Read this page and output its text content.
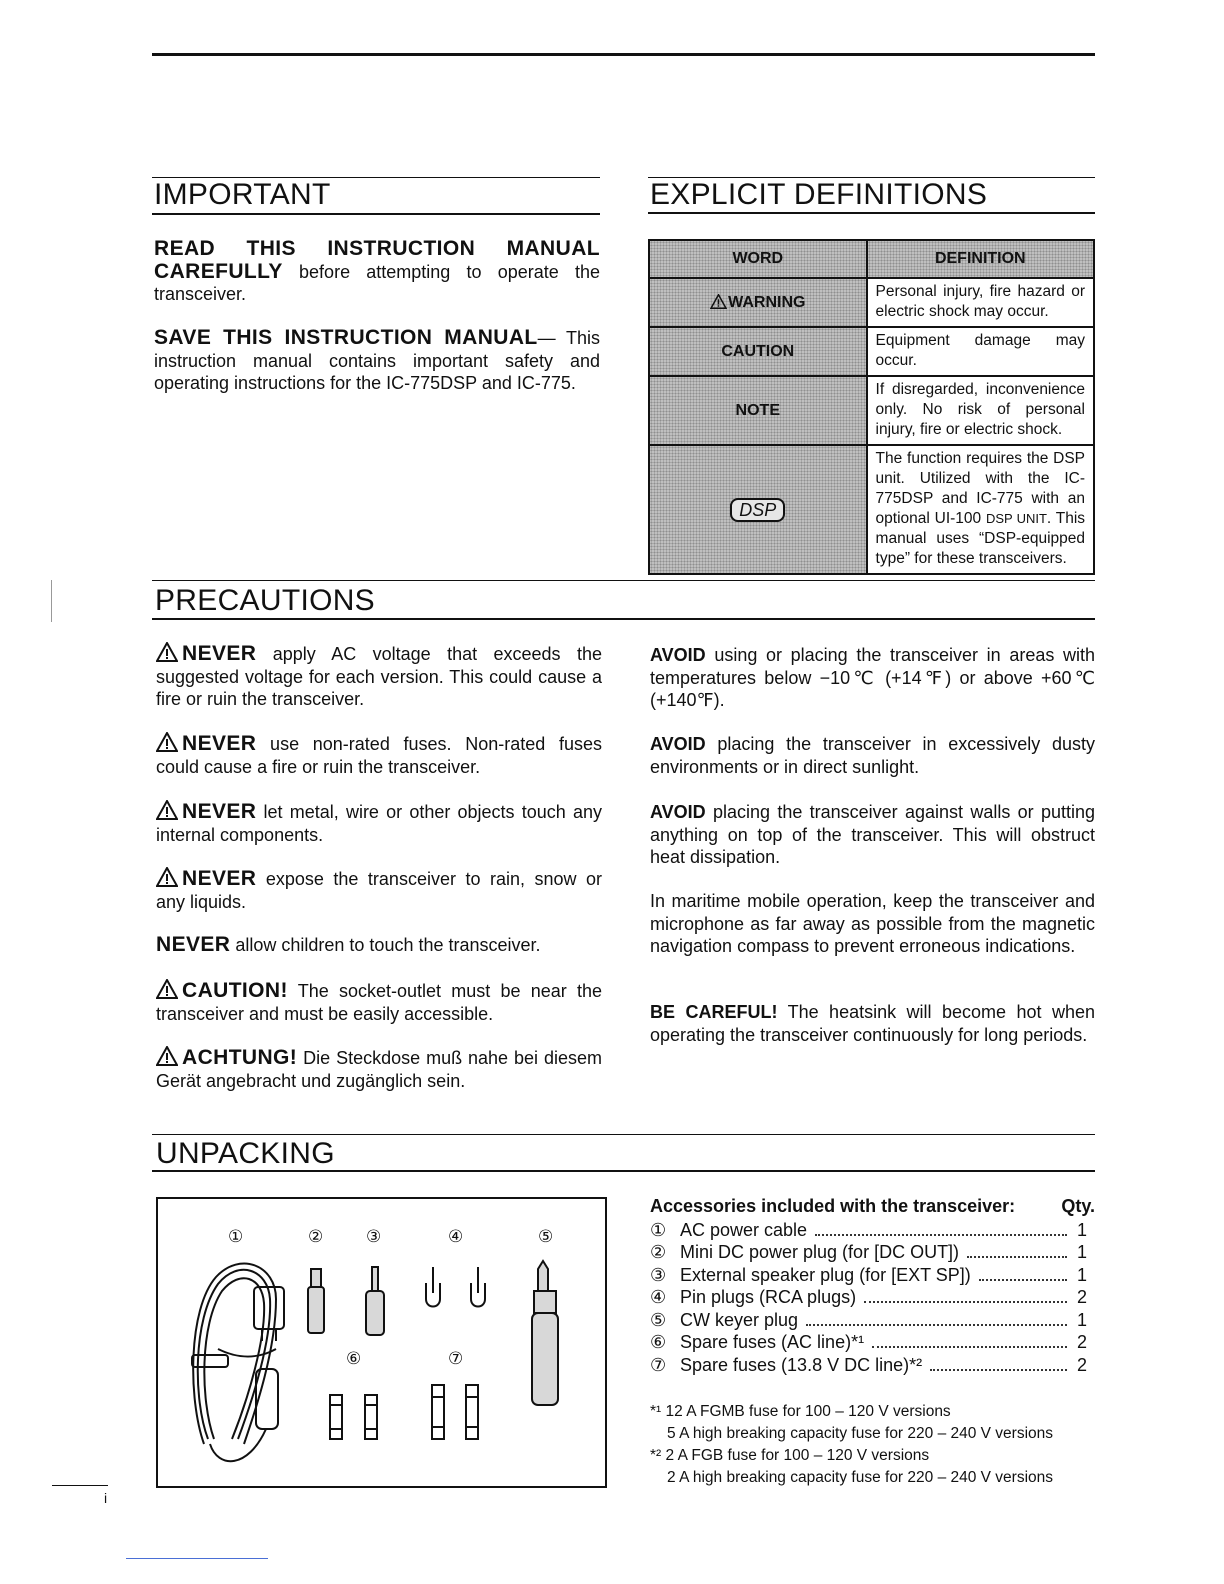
IMPORTANT
READ THIS INSTRUCTION MANUAL CAREFULLY before attempting to operate the transceiver.
SAVE THIS INSTRUCTION MANUAL— This instruction manual contains important safety and operating instructions for the IC-775DSP and IC-775.
EXPLICIT DEFINITIONS
WORD	DEFINITION
WARNING	Personal injury, fire hazard or electric shock may occur.
CAUTION	Equipment damage may occur.
NOTE	If disregarded, inconvenience only. No risk of personal injury, fire or electric shock.
DSP	The function requires the DSP unit. Utilized with the IC-775DSP and IC-775 with an optional UI-100 DSP UNIT. This manual uses “DSP-equipped type” for these transceivers.
PRECAUTIONS
NEVER apply AC voltage that exceeds the suggested voltage for each version. This could cause a fire or ruin the transceiver.
NEVER use non-rated fuses. Non-rated fuses could cause a fire or ruin the transceiver.
NEVER let metal, wire or other objects touch any internal components.
NEVER expose the transceiver to rain, snow or any liquids.
NEVER allow children to touch the transceiver.
CAUTION! The socket-outlet must be near the transceiver and must be easily accessible.
ACHTUNG! Die Steckdose muß nahe bei diesem Gerät angebracht und zugänglich sein.
AVOID using or placing the transceiver in areas with temperatures below −10℃ (+14℉) or above +60℃ (+140℉).
AVOID placing the transceiver in excessively dusty environments or in direct sunlight.
AVOID placing the transceiver against walls or putting anything on top of the transceiver. This will obstruct heat dissipation.
In maritime mobile operation, keep the transceiver and microphone as far away as possible from the magnetic navigation compass to prevent erroneous indications.
BE CAREFUL! The heatsink will become hot when operating the transceiver continuously for long periods.
UNPACKING
①	②	③	④	⑤
⑥	⑦
Accessories included with the transceiver:	Qty.
① AC power cable	1
② Mini DC power plug (for [DC OUT])	1
③ External speaker plug (for [EXT SP])	1
④ Pin plugs (RCA plugs)	2
⑤ CW keyer plug	1
⑥ Spare fuses (AC line)*¹	2
⑦ Spare fuses (13.8 V DC line)*²	2
*¹ 12 A FGMB fuse for 100 – 120 V versions
5 A high breaking capacity fuse for 220 – 240 V versions
*² 2 A FGB fuse for 100 – 120 V versions
2 A high breaking capacity fuse for 220 – 240 V versions
i
